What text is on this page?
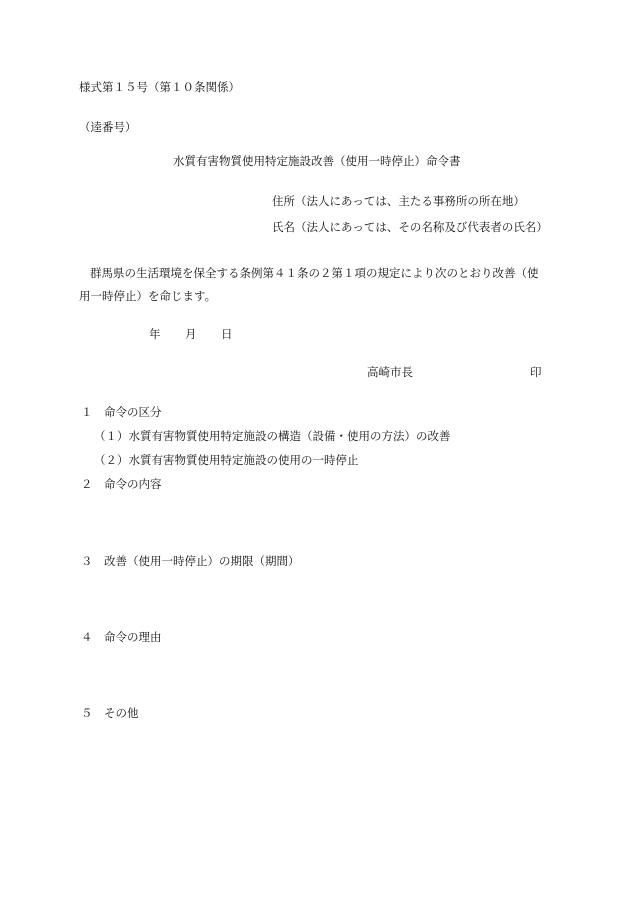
様式第１５号（第１０条関係）
（逵番号）
水質有害物質使用特定施設改善（使用一時停止）命令書
住所（法人にあっては、主たる事務所の所在地）
氏名（法人にあっては、その名称及び代表者の氏名）
群馬県の生活環境を保全する条例第４１条の２第１項の規定により次のとおり改善（使
用一時停止）を命じます。
年 月 日
高崎市長	印
１　命令の区分
（１）水質有害物質使用特定施設の構造（設備・使用の方法）の改善
（２）水質有害物質使用特定施設の使用の一時停止
２　命令の内容
３　改善（使用一時停止）の期限（期間）
４　命令の理由
５　その他
